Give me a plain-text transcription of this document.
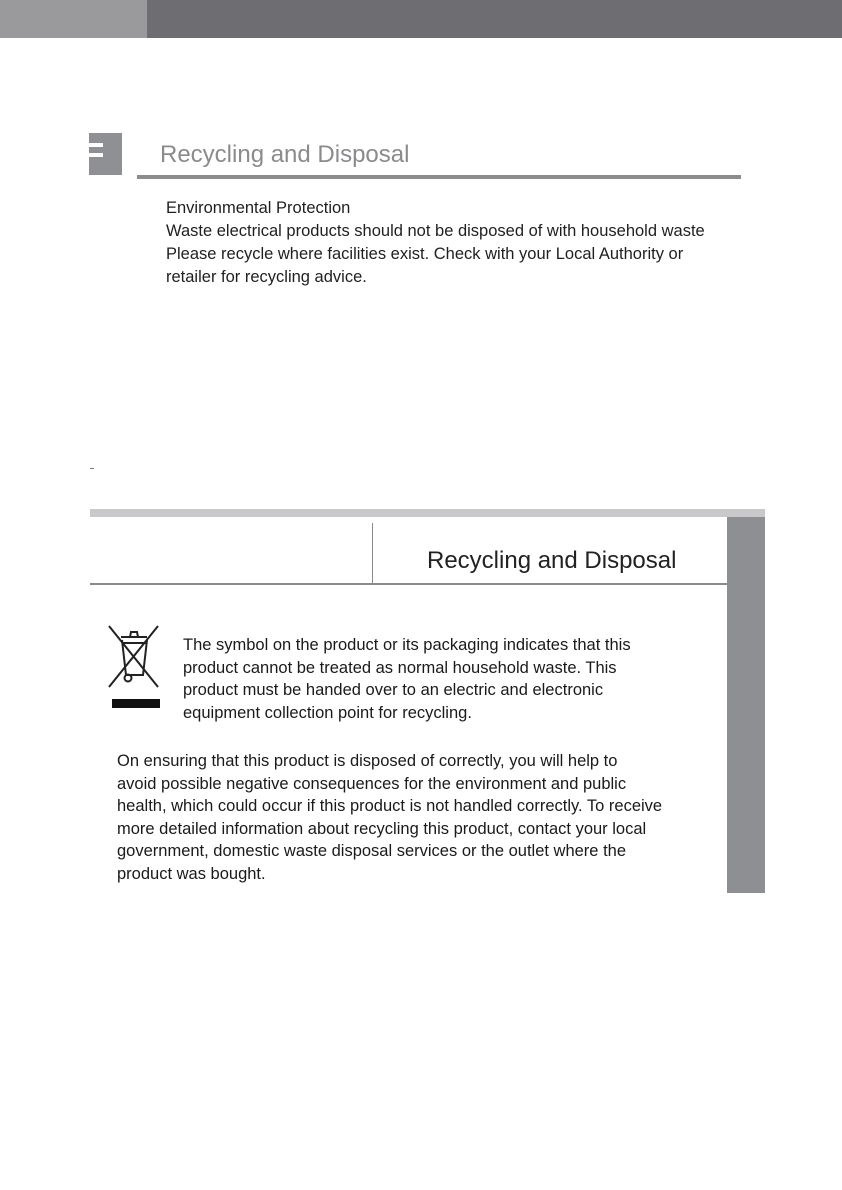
Recycling and Disposal
Environmental Protection
Waste electrical products should not be disposed of with household waste
Please recycle where facilities exist. Check with your Local Authority or
retailer for recycling advice.
Recycling and Disposal
The symbol on the product or its packaging indicates that this
product cannot be treated as normal household waste. This
product must be handed over to an electric and electronic
equipment collection point for recycling.
On ensuring that this product is disposed of correctly, you will help to
avoid possible negative consequences for the environment and public
health, which could occur if this product is not handled correctly. To receive
more detailed information about recycling this product, contact your local
government, domestic waste disposal services or the outlet where the
product was bought.
